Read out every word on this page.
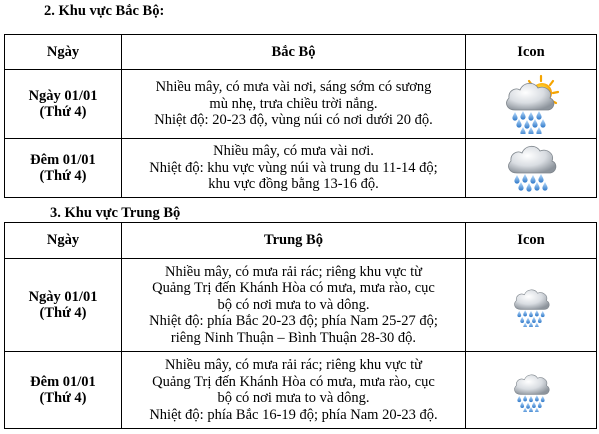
2. Khu vực Bắc Bộ:
Ngày	Bắc Bộ	Icon

Ngày 01/01
(Thứ 4)	Nhiều mây, có mưa vài nơi, sáng sớm có sương
mù nhẹ, trưa chiều trời nắng.
Nhiệt độ: 20-23 độ, vùng núi có nơi dưới 20 độ.

Đêm 01/01
(Thứ 4)	Nhiều mây, có mưa vài nơi.
Nhiệt độ: khu vực vùng núi và trung du 11-14 độ;
khu vực đồng bằng 13-16 độ.

3. Khu vực Trung Bộ
Ngày	Trung Bộ	Icon

Ngày 01/01
(Thứ 4)	Nhiều mây, có mưa rải rác; riêng khu vực từ
Quảng Trị đến Khánh Hòa có mưa, mưa rào, cục
bộ có nơi mưa to và dông.
Nhiệt độ: phía Bắc 20-23 độ; phía Nam 25-27 độ;
riêng Ninh Thuận – Bình Thuận 28-30 độ.

Đêm 01/01
(Thứ 4)	Nhiều mây, có mưa rải rác; riêng khu vực từ
Quảng Trị đến Khánh Hòa có mưa, mưa rào, cục
bộ có nơi mưa to và dông.
Nhiệt độ: phía Bắc 16-19 độ; phía Nam 20-23 độ.
